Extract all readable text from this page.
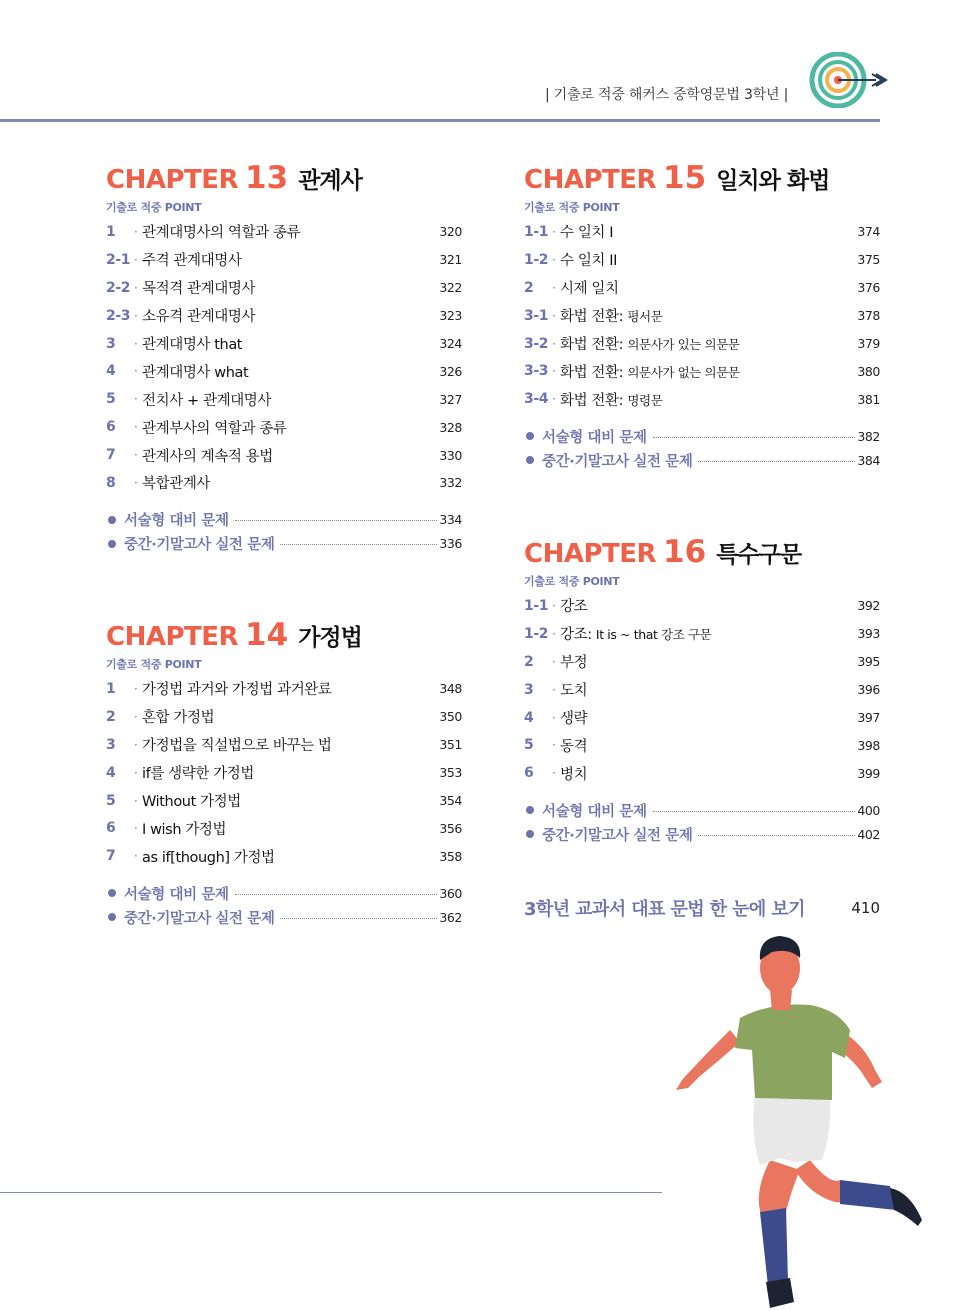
| 기출로 적중 해커스 중학영문법 3학년 |
CHAPTER 13 관계사
기출로 적중 POINT
1	· 관계대명사의 역할과 종류	320
2-1 · 주격 관계대명사	321
2-2 · 목적격 관계대명사	322
2-3 · 소유격 관계대명사	323
3	· 관계대명사 that	324
4	· 관계대명사 what	326
5	· 전치사 + 관계대명사	327
6	· 관계부사의 역할과 종류	328
7	· 관계사의 계속적 용법	330
8	· 복합관계사	332
서술형 대비 문제	334
중간·기말고사 실전 문제	336
CHAPTER 14 가정법
기출로 적중 POINT
1	· 가정법 과거와 가정법 과거완료	348
2	· 혼합 가정법	350
3	· 가정법을 직설법으로 바꾸는 법	351
4	· if를 생략한 가정법	353
5	· Without 가정법	354
6	· I wish 가정법	356
7	· as if[though] 가정법	358
서술형 대비 문제	360
중간·기말고사 실전 문제	362
CHAPTER 15 일치와 화법
기출로 적중 POINT
1-1 · 수 일치 I	374
1-2 · 수 일치 II	375
2	· 시제 일치	376
3-1 · 화법 전환: 평서문	378
3-2 · 화법 전환: 의문사가 있는 의문문	379
3-3 · 화법 전환: 의문사가 없는 의문문	380
3-4 · 화법 전환: 명령문	381
서술형 대비 문제	382
중간·기말고사 실전 문제	384
CHAPTER 16 특수구문
기출로 적중 POINT
1-1 · 강조	392
1-2 · 강조: It is ~ that 강조 구문	393
2	· 부정	395
3	· 도치	396
4	· 생략	397
5	· 동격	398
6	· 병치	399
서술형 대비 문제	400
중간·기말고사 실전 문제	402
3학년 교과서 대표 문법 한 눈에 보기	410
